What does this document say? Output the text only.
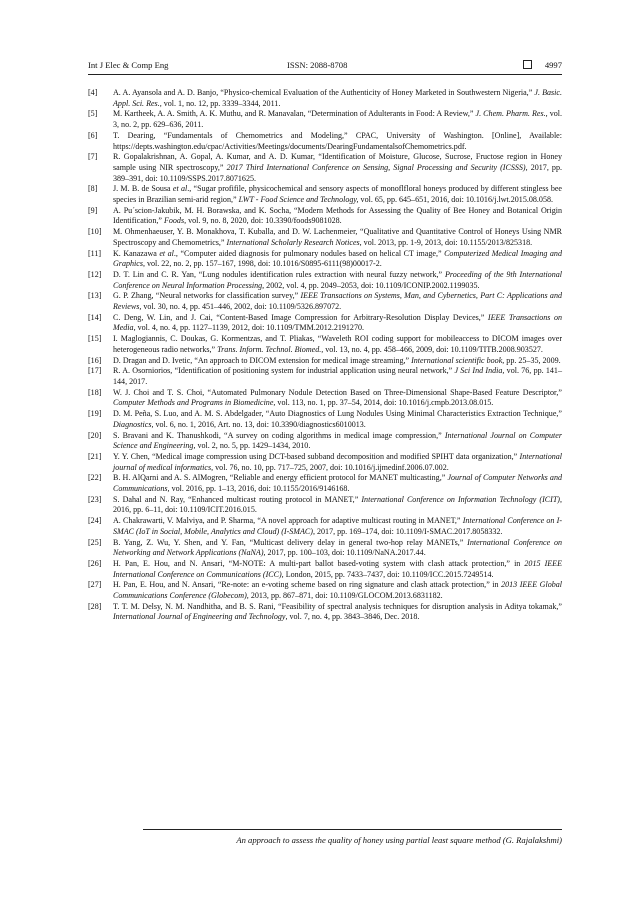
Int J Elec & Comp Eng	ISSN: 2088-8708	4997

[4] A. A. Ayansola and A. D. Banjo, “Physico-chemical Evaluation of the Authenticity of Honey Marketed in Southwestern Nigeria,” J. Basic. Appl. Sci. Res., vol. 1, no. 12, pp. 3339–3344, 2011.

[5] M. Kartheek, A. A. Smith, A. K. Muthu, and R. Manavalan, “Determination of Adulterants in Food: A Review,” J. Chem. Pharm. Res., vol. 3, no. 2, pp. 629–636, 2011.

[6] T. Dearing, “Fundamentals of Chemometrics and Modeling,” CPAC, University of Washington. [Online], Available: https://depts.washington.edu/cpac/Activities/Meetings/documents/DearingFundamentalsofChemometrics.pdf.

[7] R. Gopalakrishnan, A. Gopal, A. Kumar, and A. D. Kumar, “Identification of Moisture, Glucose, Sucrose, Fructose region in Honey sample using NIR spectroscopy,” 2017 Third International Conference on Sensing, Signal Processing and Security (ICSSS), 2017, pp. 389–391, doi: 10.1109/SSPS.2017.8071625.

[8] J. M. B. de Sousa et al., “Sugar profifile, physicochemical and sensory aspects of monoflfloral honeys produced by different stingless bee species in Brazilian semi-arid region,” LWT - Food Science and Technology, vol. 65, pp. 645–651, 2016, doi: 10.1016/j.lwt.2015.08.058.

[9] A. Pu´scion-Jakubik, M. H. Borawska, and K. Socha, “Modern Methods for Assessing the Quality of Bee Honey and Botanical Origin Identification,” Foods, vol. 9, no. 8, 2020, doi: 10.3390/foods9081028.

[10] M. Ohmenhaeuser, Y. B. Monakhova, T. Kuballa, and D. W. Lachenmeier, “Qualitative and Quantitative Control of Honeys Using NMR Spectroscopy and Chemometrics,” International Scholarly Research Notices, vol. 2013, pp. 1-9, 2013, doi: 10.1155/2013/825318.

[11] K. Kanazawa et al., “Computer aided diagnosis for pulmonary nodules based on helical CT image,” Computerized Medical Imaging and Graphics, vol. 22, no. 2, pp. 157–167, 1998, doi: 10.1016/S0895-6111(98)00017-2.

[12] D. T. Lin and C. R. Yan, “Lung nodules identification rules extraction with neural fuzzy network,” Proceeding of the 9th International Conference on Neural Information Processing, 2002, vol. 4, pp. 2049–2053, doi: 10.1109/ICONIP.2002.1199035.

[13] G. P. Zhang, “Neural networks for classification survey,” IEEE Transactions on Systems, Man, and Cybernetics, Part C: Applications and Reviews, vol. 30, no. 4, pp. 451–446, 2002, doi: 10.1109/5326.897072.

[14] C. Deng, W. Lin, and J. Cai, “Content-Based Image Compression for Arbitrary-Resolution Display Devices,” IEEE Transactions on Media, vol. 4, no. 4, pp. 1127–1139, 2012, doi: 10.1109/TMM.2012.2191270.

[15] I. Maglogiannis, C. Doukas, G. Kormentzas, and T. Pliakas, “Waveleth ROI coding support for mobileaccess to DICOM images over heterogeneous radio networks,” Trans. Inform. Technol. Biomed., vol. 13, no. 4, pp. 458–466, 2009, doi: 10.1109/TITB.2008.903527.

[16] D. Dragan and D. Ivetic, “An approach to DICOM extension for medical image streaming,” International scientific book, pp. 25–35, 2009.

[17] R. A. Osorniorios, “Identification of positioning system for industrial application using neural network,” J Sci Ind India, vol. 76, pp. 141–144, 2017.

[18] W. J. Choi and T. S. Choi, “Automated Pulmonary Nodule Detection Based on Three-Dimensional Shape-Based Feature Descriptor,” Computer Methods and Programs in Biomedicine, vol. 113, no. 1, pp. 37–54, 2014, doi: 10.1016/j.cmpb.2013.08.015.

[19] D. M. Peña, S. Luo, and A. M. S. Abdelgader, “Auto Diagnostics of Lung Nodules Using Minimal Characteristics Extraction Technique,” Diagnostics, vol. 6, no. 1, 2016, Art. no. 13, doi: 10.3390/diagnostics6010013.

[20] S. Bravani and K. Thanushkodi, “A survey on coding algorithms in medical image compression,” International Journal on Computer Science and Engineering, vol. 2, no. 5, pp. 1429–1434, 2010.

[21] Y. Y. Chen, “Medical image compression using DCT-based subband decomposition and modified SPIHT data organization,” International journal of medical informatics, vol. 76, no. 10, pp. 717–725, 2007, doi: 10.1016/j.ijmedinf.2006.07.002.

[22] B. H. AlQarni and A. S. AlMogren, “Reliable and energy efficient protocol for MANET multicasting,” Journal of Computer Networks and Communications, vol. 2016, pp. 1–13, 2016, doi: 10.1155/2016/9146168.

[23] S. Dahal and N. Ray, “Enhanced multicast routing protocol in MANET,” International Conference on Information Technology (ICIT), 2016, pp. 6–11, doi: 10.1109/ICIT.2016.015.

[24] A. Chakrawarti, V. Malviya, and P. Sharma, “A novel approach for adaptive multicast routing in MANET,” International Conference on I-SMAC (IoT in Social, Mobile, Analytics and Cloud) (I-SMAC), 2017, pp. 169–174, doi: 10.1109/I-SMAC.2017.8058332.

[25] B. Yang, Z. Wu, Y. Shen, and Y. Fan, “Multicast delivery delay in general two-hop relay MANETs,” International Conference on Networking and Network Applications (NaNA), 2017, pp. 100–103, doi: 10.1109/NaNA.2017.44.

[26] H. Pan, E. Hou, and N. Ansari, “M-NOTE: A multi-part ballot based-voting system with clash attack protection,” in 2015 IEEE International Conference on Communications (ICC), London, 2015, pp. 7433–7437, doi: 10.1109/ICC.2015.7249514.

[27] H. Pan, E. Hou, and N. Ansari, “Re-note: an e-voting scheme based on ring signature and clash attack protection,” in 2013 IEEE Global Communications Conference (Globecom), 2013, pp. 867–871, doi: 10.1109/GLOCOM.2013.6831182.

[28] T. T. M. Delsy, N. M. Nandhitha, and B. S. Rani, “Feasibility of spectral analysis techniques for disruption analysis in Aditya tokamak,” International Journal of Engineering and Technology, vol. 7, no. 4, pp. 3843–3846, Dec. 2018.

An approach to assess the quality of honey using partial least square method (G. Rajalakshmi)
